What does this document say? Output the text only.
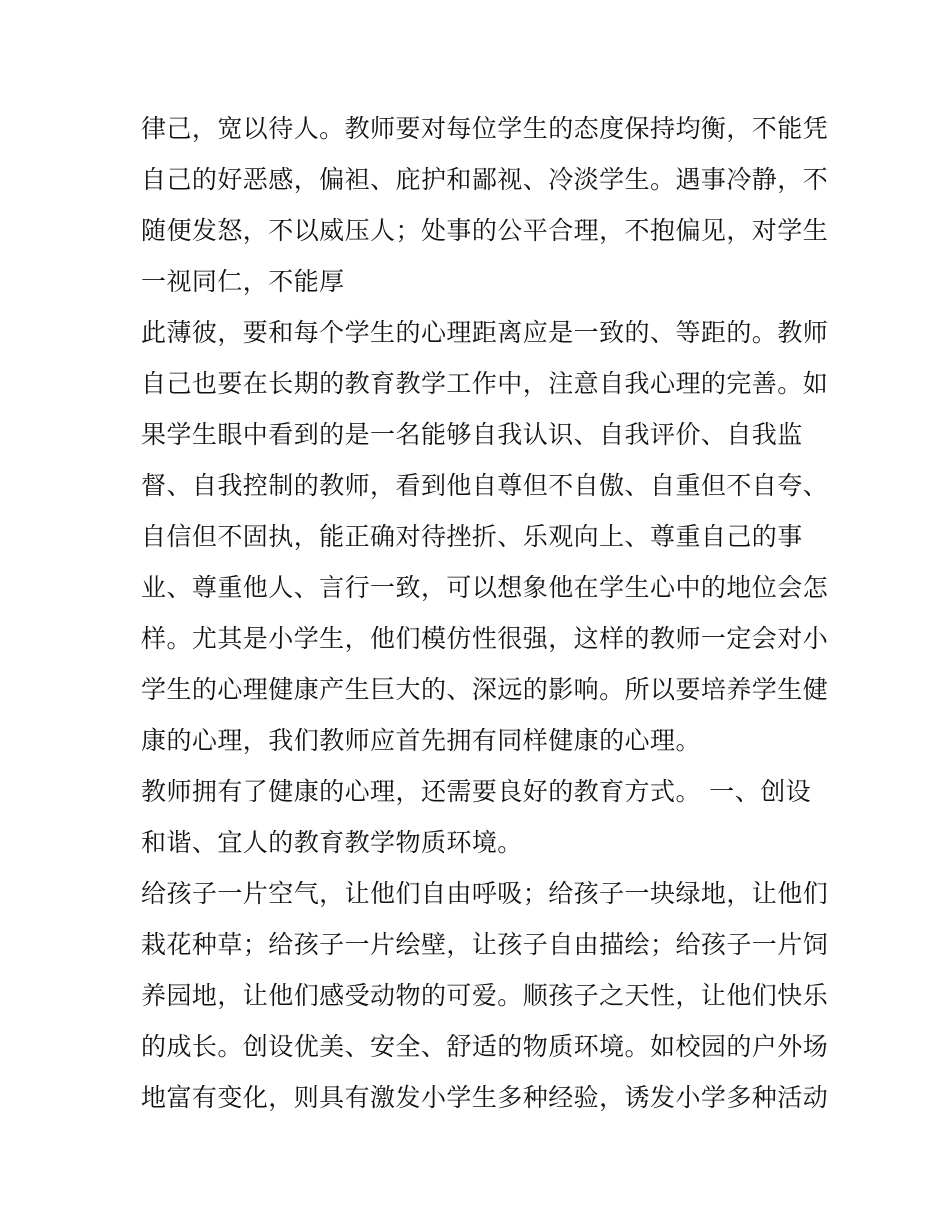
律己，宽以待人。教师要对每位学生的态度保持均衡，不能凭
自己的好恶感，偏袒、庇护和鄙视、冷淡学生。遇事冷静，不
随便发怒，不以威压人；处事的公平合理，不抱偏见，对学生
一视同仁，不能厚
此薄彼，要和每个学生的心理距离应是一致的、等距的。教师
自己也要在长期的教育教学工作中，注意自我心理的完善。如
果学生眼中看到的是一名能够自我认识、自我评价、自我监
督、自我控制的教师，看到他自尊但不自傲、自重但不自夸、
自信但不固执，能正确对待挫折、乐观向上、尊重自己的事
业、尊重他人、言行一致，可以想象他在学生心中的地位会怎
样。尤其是小学生，他们模仿性很强，这样的教师一定会对小
学生的心理健康产生巨大的、深远的影响。所以要培养学生健
康的心理，我们教师应首先拥有同样健康的心理。
教师拥有了健康的心理，还需要良好的教育方式。 一、创设
和谐、宜人的教育教学物质环境。
给孩子一片空气，让他们自由呼吸；给孩子一块绿地，让他们
栽花种草；给孩子一片绘壁，让孩子自由描绘；给孩子一片饲
养园地，让他们感受动物的可爱。顺孩子之天性，让他们快乐
的成长。创设优美、安全、舒适的物质环境。如校园的户外场
地富有变化，则具有激发小学生多种经验，诱发小学多种活动
